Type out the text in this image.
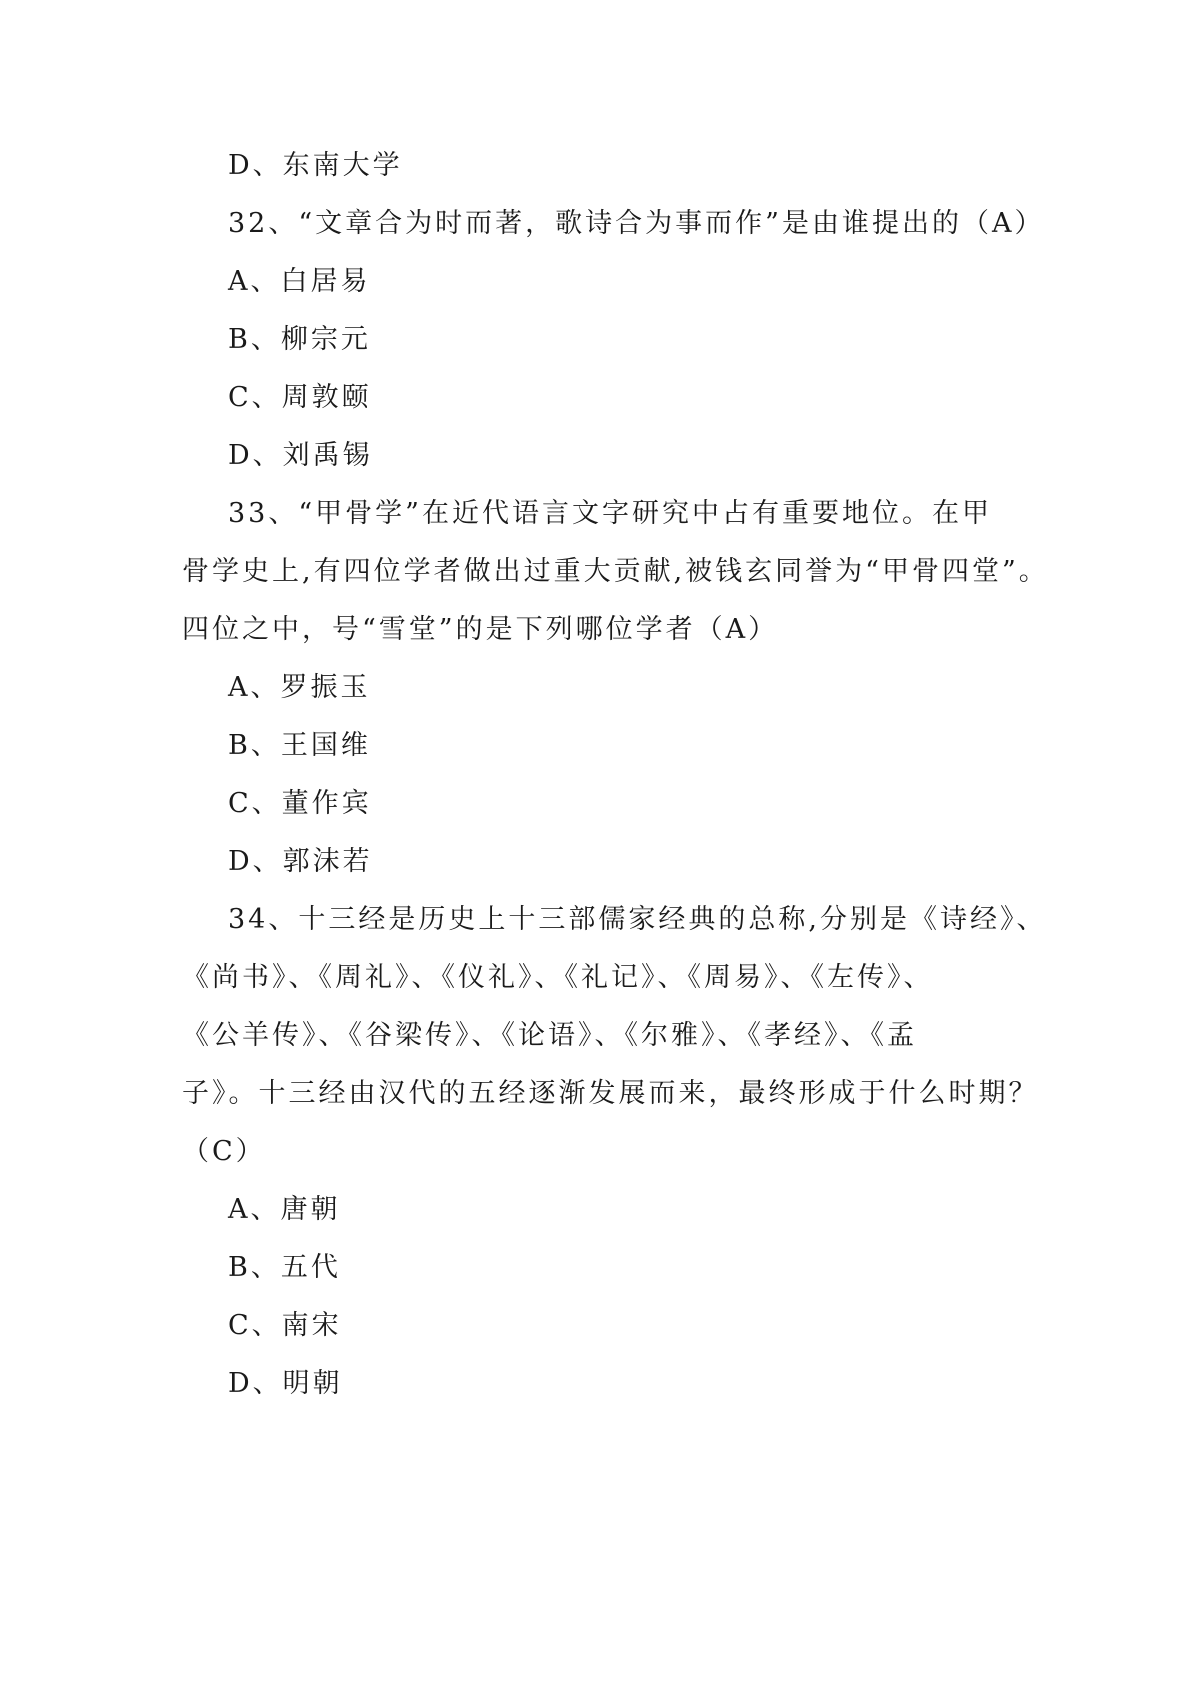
D、东南大学
32、“文章合为时而著，歌诗合为事而作”是由谁提出的（A）
A、白居易
B、柳宗元
C、周敦颐
D、刘禹锡
33、“甲骨学”在近代语言文字研究中占有重要地位。在甲
骨学史上,有四位学者做出过重大贡献,被钱玄同誉为“甲骨四堂”。
四位之中，号“雪堂”的是下列哪位学者（A）
A、罗振玉
B、王国维
C、董作宾
D、郭沫若
34、十三经是历史上十三部儒家经典的总称,分别是《诗经》、
《尚书》、《周礼》、《仪礼》、《礼记》、《周易》、《左传》、
《公羊传》、《谷梁传》、《论语》、《尔雅》、《孝经》、《孟
子》。十三经由汉代的五经逐渐发展而来，最终形成于什么时期？
（C）
A、唐朝
B、五代
C、南宋
D、明朝
